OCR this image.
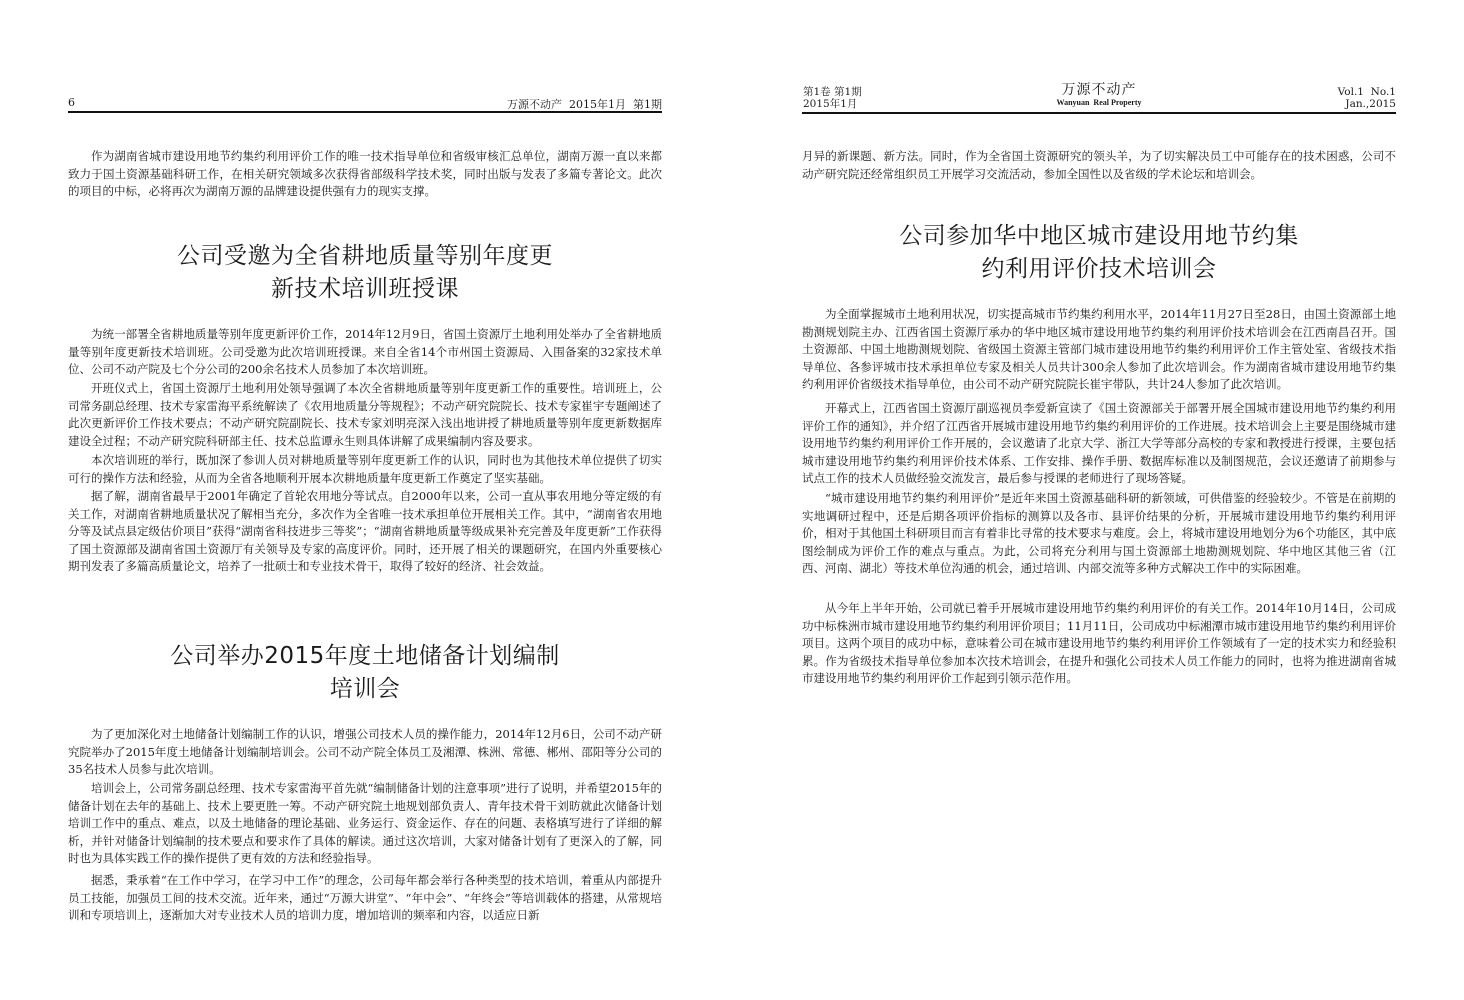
6	万源不动产  2015年1月  第1期

作为湖南省城市建设用地节约集约利用评价工作的唯一技术指导单位和省级审核汇总单位，湖南万源一直以来都致力于国土资源基础科研工作，在相关研究领域多次获得省部级科学技术奖，同时出版与发表了多篇专著论文。此次的项目的中标，必将再次为湖南万源的品牌建设提供强有力的现实支撑。

公司受邀为全省耕地质量等别年度更
新技术培训班授课

为统一部署全省耕地质量等别年度更新评价工作，2014年12月9日，省国土资源厅土地利用处举办了全省耕地质量等别年度更新技术培训班。公司受邀为此次培训班授课。来自全省14个市州国土资源局、入围备案的32家技术单位、公司不动产院及七个分公司的200余名技术人员参加了本次培训班。

开班仪式上，省国土资源厅土地利用处领导强调了本次全省耕地质量等别年度更新工作的重要性。培训班上，公司常务副总经理、技术专家雷海平系统解读了《农用地质量分等规程》；不动产研究院院长、技术专家崔宇专题阐述了此次更新评价工作技术要点；不动产研究院副院长、技术专家刘明亮深入浅出地讲授了耕地质量等别年度更新数据库建设全过程；不动产研究院科研部主任、技术总监谭永生则具体讲解了成果编制内容及要求。

本次培训班的举行，既加深了参训人员对耕地质量等别年度更新工作的认识，同时也为其他技术单位提供了切实可行的操作方法和经验，从而为全省各地顺利开展本次耕地质量年度更新工作奠定了坚实基础。

据了解，湖南省最早于2001年确定了首轮农用地分等试点。自2000年以来，公司一直从事农用地分等定级的有关工作，对湖南省耕地质量状况了解相当充分，多次作为全省唯一技术承担单位开展相关工作。其中，“湖南省农用地分等及试点县定级估价项目”获得“湖南省科技进步三等奖”；“湖南省耕地质量等级成果补充完善及年度更新”工作获得了国土资源部及湖南省国土资源厅有关领导及专家的高度评价。同时，还开展了相关的课题研究，在国内外重要核心期刊发表了多篇高质量论文，培养了一批硕士和专业技术骨干，取得了较好的经济、社会效益。

公司举办2015年度土地储备计划编制
培训会

为了更加深化对土地储备计划编制工作的认识，增强公司技术人员的操作能力，2014年12月6日，公司不动产研究院举办了2015年度土地储备计划编制培训会。公司不动产院全体员工及湘潭、株洲、常德、郴州、邵阳等分公司的35名技术人员参与此次培训。

培训会上，公司常务副总经理、技术专家雷海平首先就“编制储备计划的注意事项”进行了说明，并希望2015年的储备计划在去年的基础上、技术上要更胜一筹。不动产研究院土地规划部负责人、青年技术骨干刘昉就此次储备计划培训工作中的重点、难点，以及土地储备的理论基础、业务运行、资金运作、存在的问题、表格填写进行了详细的解析，并针对储备计划编制的技术要点和要求作了具体的解读。通过这次培训，大家对储备计划有了更深入的了解，同时也为具体实践工作的操作提供了更有效的方法和经验指导。

据悉，秉承着“在工作中学习，在学习中工作”的理念，公司每年都会举行各种类型的技术培训，着重从内部提升员工技能，加强员工间的技术交流。近年来，通过“万源大讲堂”、“年中会”、“年终会”等培训载体的搭建，从常规培训和专项培训上，逐渐加大对专业技术人员的培训力度，增加培训的频率和内容，以适应日新

第1卷 第1期
2015年1月
万源不动产
Wanyuan  Real Property
Vol.1  No.1
Jan.,2015

月异的新课题、新方法。同时，作为全省国土资源研究的领头羊，为了切实解决员工中可能存在的技术困惑，公司不动产研究院还经常组织员工开展学习交流活动，参加全国性以及省级的学术论坛和培训会。

公司参加华中地区城市建设用地节约集
约利用评价技术培训会

为全面掌握城市土地利用状况，切实提高城市节约集约利用水平，2014年11月27日至28日，由国土资源部土地勘测规划院主办、江西省国土资源厅承办的华中地区城市建设用地节约集约利用评价技术培训会在江西南昌召开。国土资源部、中国土地勘测规划院、省级国土资源主管部门城市建设用地节约集约利用评价工作主管处室、省级技术指导单位、各参评城市技术承担单位专家及相关人员共计300余人参加了此次培训会。作为湖南省城市建设用地节约集约利用评价省级技术指导单位，由公司不动产研究院院长崔宇带队，共计24人参加了此次培训。

开幕式上，江西省国土资源厅副巡视员李爱新宣读了《国土资源部关于部署开展全国城市建设用地节约集约利用评价工作的通知》，并介绍了江西省开展城市建设用地节约集约利用评价的工作进展。技术培训会上主要是围绕城市建设用地节约集约利用评价工作开展的，会议邀请了北京大学、浙江大学等部分高校的专家和教授进行授课，主要包括城市建设用地节约集约利用评价技术体系、工作安排、操作手册、数据库标准以及制图规范，会议还邀请了前期参与试点工作的技术人员做经验交流发言，最后参与授课的老师进行了现场答疑。

“城市建设用地节约集约利用评价”是近年来国土资源基础科研的新领域，可供借鉴的经验较少。不管是在前期的实地调研过程中，还是后期各项评价指标的测算以及各市、县评价结果的分析，开展城市建设用地节约集约利用评价，相对于其他国土科研项目而言有着非比寻常的技术要求与难度。会上，将城市建设用地划分为6个功能区，其中底图绘制成为评价工作的难点与重点。为此，公司将充分利用与国土资源部土地勘测规划院、华中地区其他三省（江西、河南、湖北）等技术单位沟通的机会，通过培训、内部交流等多种方式解决工作中的实际困难。

从今年上半年开始，公司就已着手开展城市建设用地节约集约利用评价的有关工作。2014年10月14日，公司成功中标株洲市城市建设用地节约集约利用评价项目；11月11日，公司成功中标湘潭市城市建设用地节约集约利用评价项目。这两个项目的成功中标，意味着公司在城市建设用地节约集约利用评价工作领域有了一定的技术实力和经验积累。作为省级技术指导单位参加本次技术培训会，在提升和强化公司技术人员工作能力的同时，也将为推进湖南省城市建设用地节约集约利用评价工作起到引领示范作用。
